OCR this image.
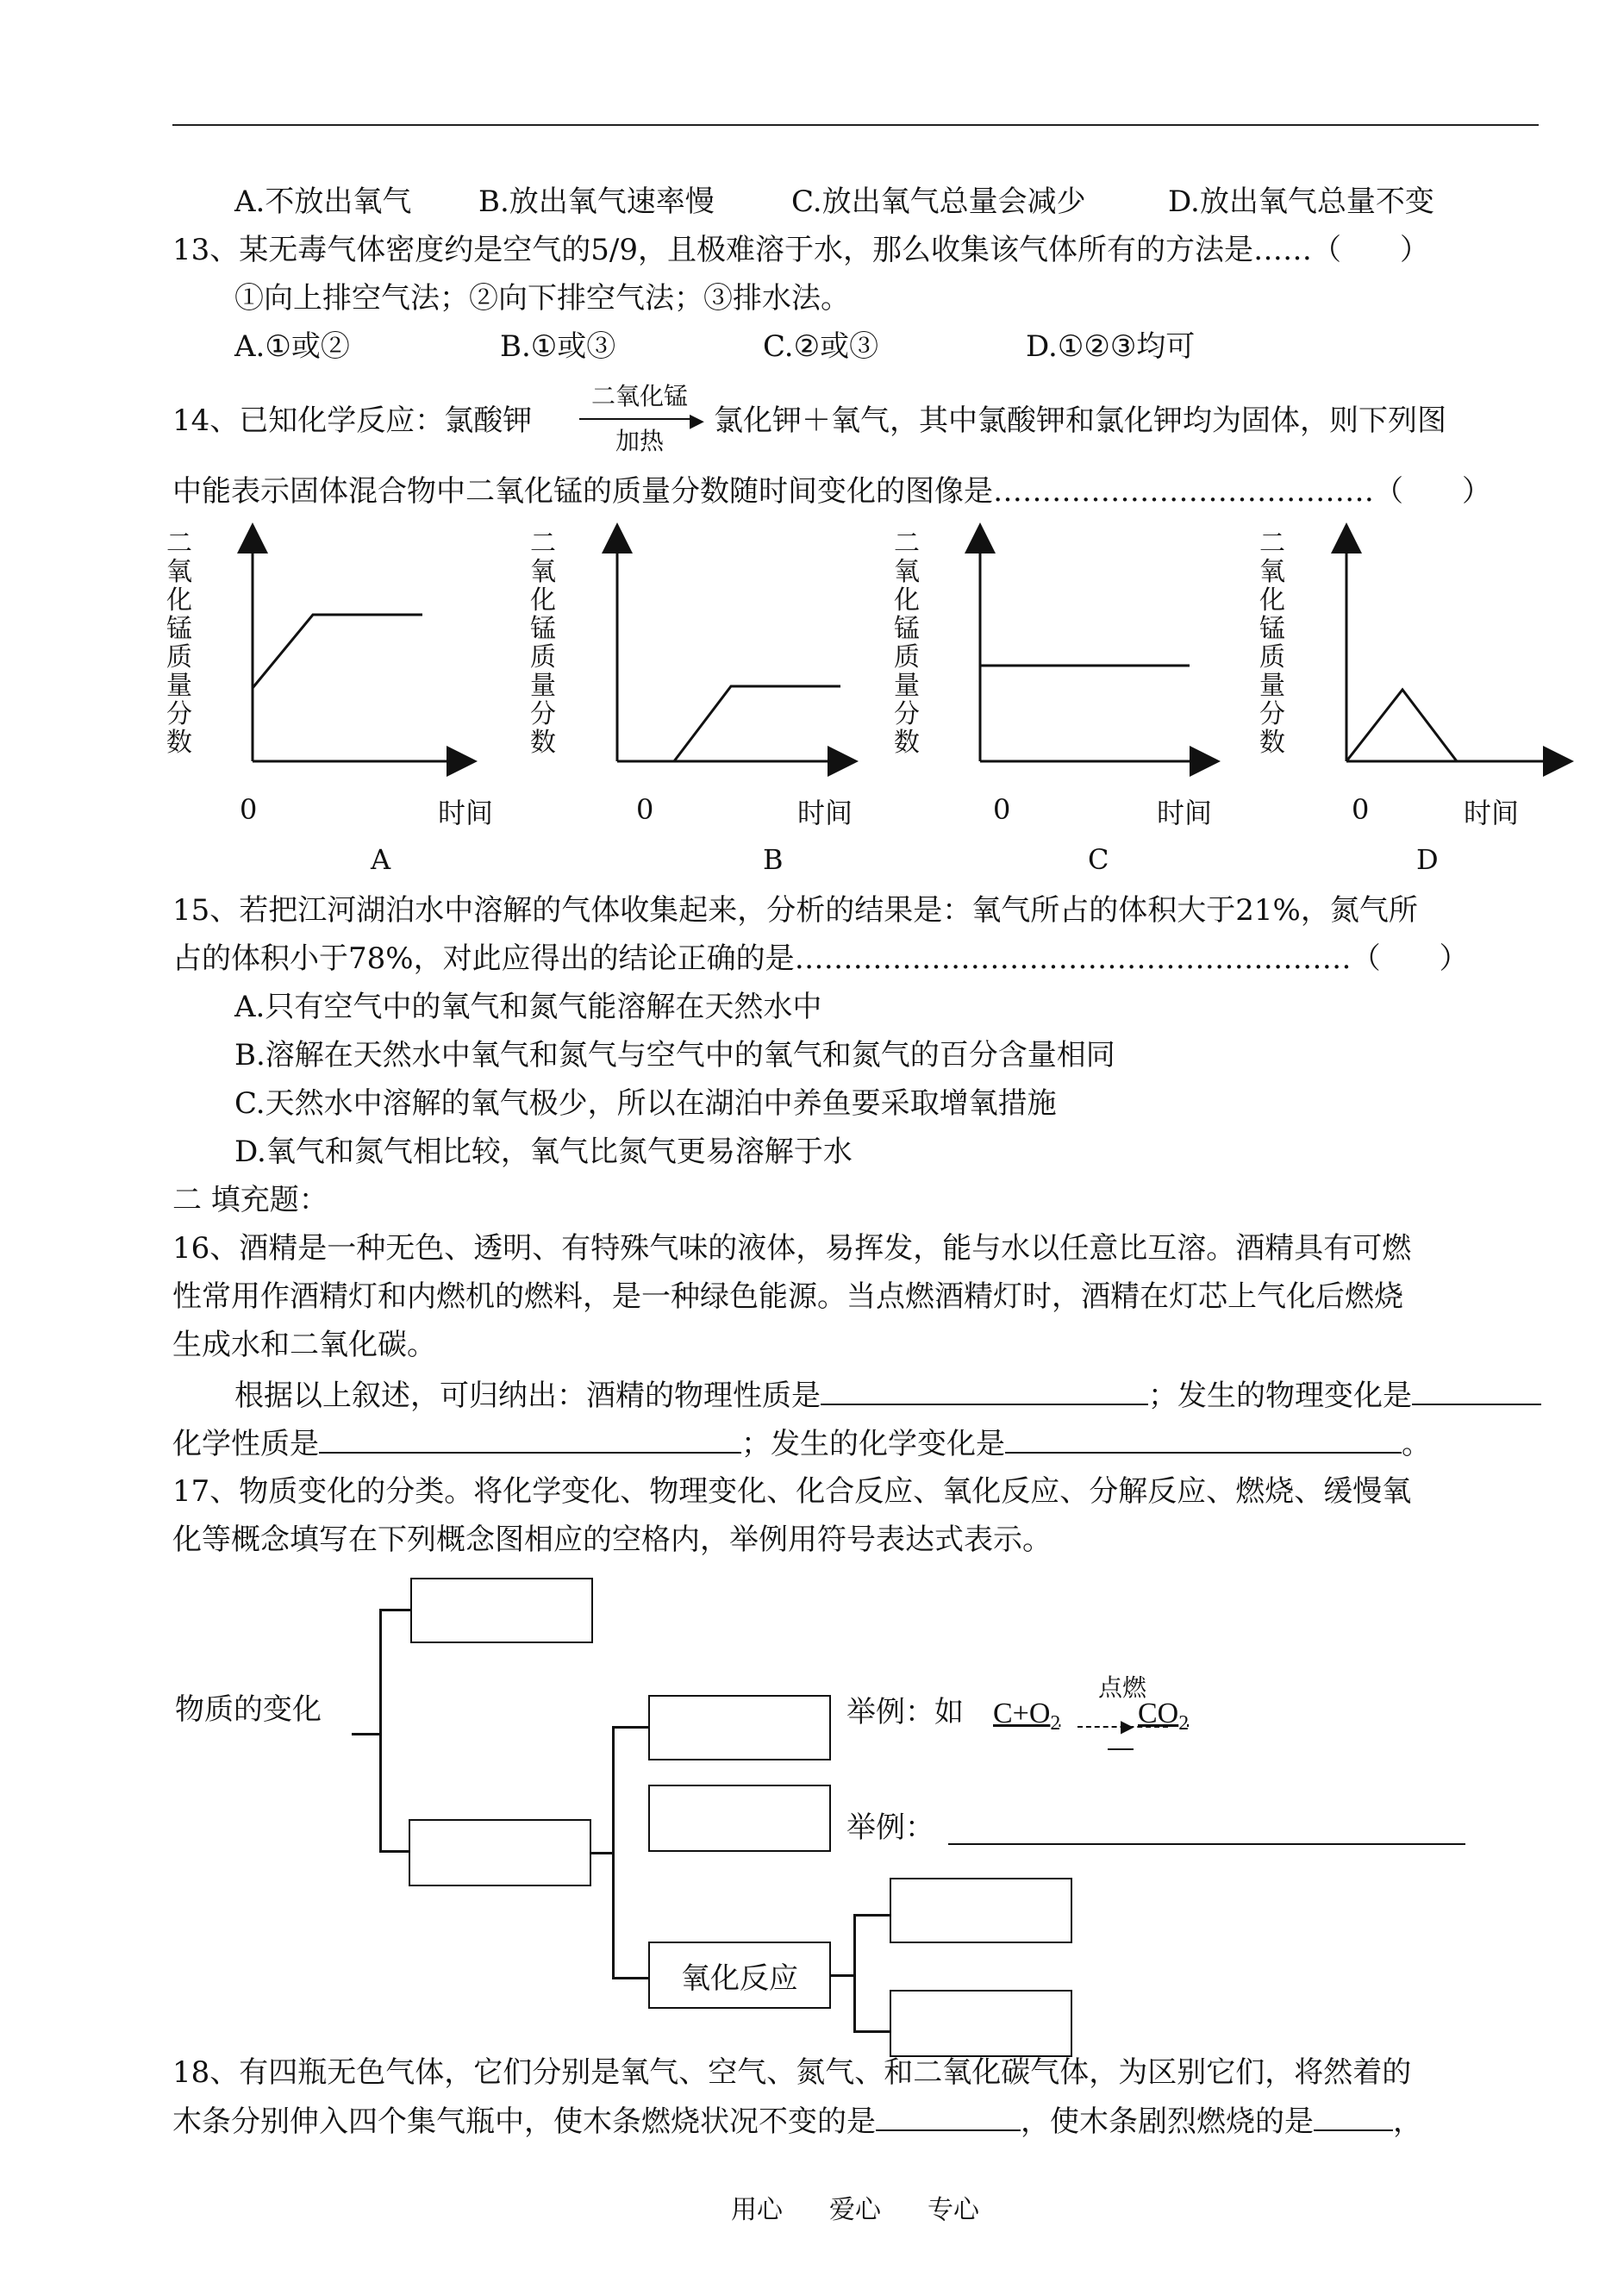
A.不放出氧气 B.放出氧气速率慢	C.放出氧气总量会减少	D.放出氧气总量不变
13、某无毒气体密度约是空气的5/9，且极难溶于水，那么收集该气体所有的方法是……（　　）
①向上排空气法；②向下排空气法；③排水法。
A.①或②	B.①或③	C.②或③	D.①②③均可
14、已知化学反应：氯酸钾
二氧化锰
▶
加热
氯化钾＋氧气，其中氯酸钾和氯化钾均为固体，则下列图
中能表示固体混合物中二氧化锰的质量分数随时间变化的图像是…………………………………（　　）
二氧化锰质量分数
0	时间
A
二氧化锰质量分数
0	时间
B
二氧化锰质量分数
0	时间
C
二氧化锰质量分数
0	时间
D
15、若把江河湖泊水中溶解的气体收集起来，分析的结果是：氧气所占的体积大于21%，氮气所
占的体积小于78%，对此应得出的结论正确的是…………………………………………………（　　）
A.只有空气中的氧气和氮气能溶解在天然水中
B.溶解在天然水中氧气和氮气与空气中的氧气和氮气的百分含量相同
C.天然水中溶解的氧气极少，所以在湖泊中养鱼要采取增氧措施
D.氧气和氮气相比较，氧气比氮气更易溶解于水
二 填充题：
16、酒精是一种无色、透明、有特殊气味的液体，易挥发，能与水以任意比互溶。酒精具有可燃
性常用作酒精灯和内燃机的燃料，是一种绿色能源。当点燃酒精灯时，酒精在灯芯上气化后燃烧
生成水和二氧化碳。
根据以上叙述，可归纳出：酒精的物理性质是	；发生的物理变化是
化学性质是	；发生的化学变化是	。
17、物质变化的分类。将化学变化、物理变化、化合反应、氧化反应、分解反应、燃烧、缓慢氧
化等概念填写在下列概念图相应的空格内，举例用符号表达式表示。
物质的变化
氧化反应
举例：如 $C+O_2$
点燃
▶ $CO_2$
举例：
18、有四瓶无色气体，它们分别是氧气、空气、氮气、和二氧化碳气体，为区别它们，将然着的
木条分别伸入四个集气瓶中，使木条燃烧状况不变的是	，使木条剧烈燃烧的是	，
用心 爱心 专心
